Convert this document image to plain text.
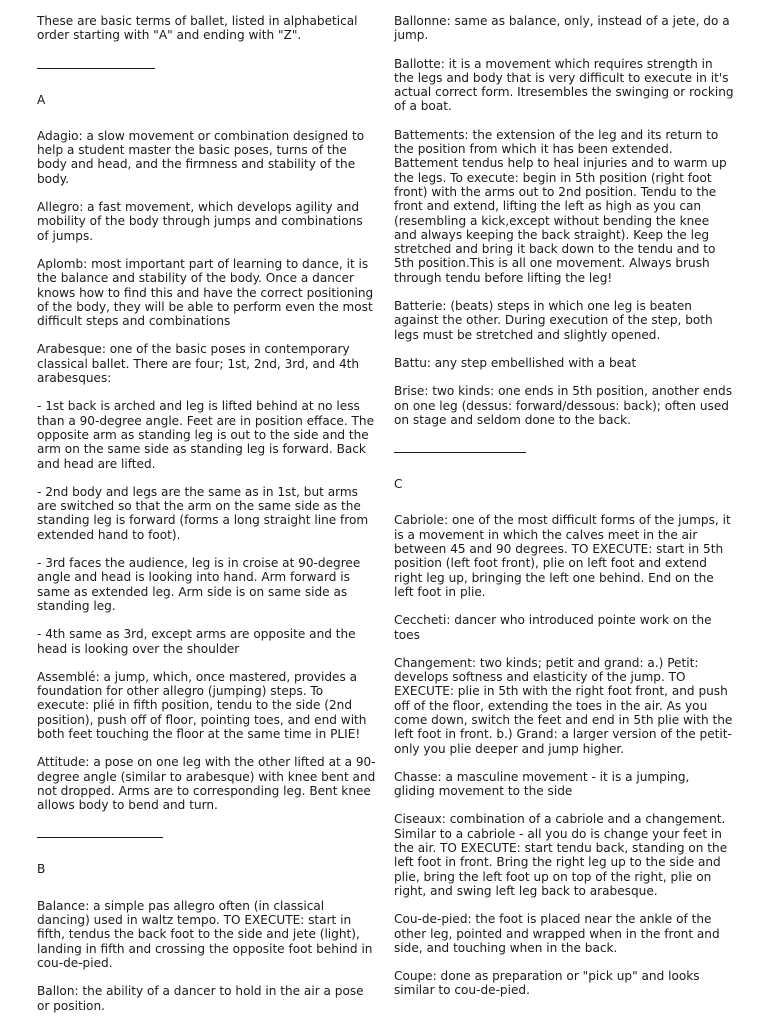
These are basic terms of ballet, listed in alphabetical order starting with "A" and ending with "Z".

A

Adagio: a slow movement or combination designed to help a student master the basic poses, turns of the body and head, and the firmness and stability of the body.

Allegro: a fast movement, which develops agility and mobility of the body through jumps and combinations of jumps.

Aplomb: most important part of learning to dance, it is the balance and stability of the body. Once a dancer knows how to find this and have the correct positioning of the body, they will be able to perform even the most difficult steps and combinations

Arabesque: one of the basic poses in contemporary classical ballet. There are four; 1st, 2nd, 3rd, and 4th arabesques:

- 1st back is arched and leg is lifted behind at no less than a 90-degree angle. Feet are in position efface. The opposite arm as standing leg is out to the side and the arm on the same side as standing leg is forward. Back and head are lifted.

- 2nd body and legs are the same as in 1st, but arms are switched so that the arm on the same side as the standing leg is forward (forms a long straight line from extended hand to foot).

- 3rd faces the audience, leg is in croise at 90-degree angle and head is looking into hand. Arm forward is same as extended leg. Arm side is on same side as standing leg.

- 4th same as 3rd, except arms are opposite and the head is looking over the shoulder

Assemblé: a jump, which, once mastered, provides a foundation for other allegro (jumping) steps. To execute: plié in fifth position, tendu to the side (2nd position), push off of floor, pointing toes, and end with both feet touching the floor at the same time in PLIE!

Attitude: a pose on one leg with the other lifted at a 90-degree angle (similar to arabesque) with knee bent and not dropped. Arms are to corresponding leg. Bent knee allows body to bend and turn.

B

Balance: a simple pas allegro often (in classical dancing) used in waltz tempo. TO EXECUTE: start in fifth, tendus the back foot to the side and jete (light), landing in fifth and crossing the opposite foot behind in cou-de-pied.

Ballon: the ability of a dancer to hold in the air a pose or position.

Ballonne: same as balance, only, instead of a jete, do a jump.

Ballotte: it is a movement which requires strength in the legs and body that is very difficult to execute in it's actual correct form. Itresembles the swinging or rocking of a boat.

Battements: the extension of the leg and its return to the position from which it has been extended. Battement tendus help to heal injuries and to warm up the legs. To execute: begin in 5th position (right foot front) with the arms out to 2nd position. Tendu to the front and extend, lifting the left as high as you can (resembling a kick,except without bending the knee and always keeping the back straight). Keep the leg stretched and bring it back down to the tendu and to 5th position.This is all one movement. Always brush through tendu before lifting the leg!

Batterie: (beats) steps in which one leg is beaten against the other. During execution of the step, both legs must be stretched and slightly opened.

Battu: any step embellished with a beat

Brise: two kinds: one ends in 5th position, another ends on one leg (dessus: forward/dessous: back); often used on stage and seldom done to the back.

C

Cabriole: one of the most difficult forms of the jumps, it is a movement in which the calves meet in the air between 45 and 90 degrees. TO EXECUTE: start in 5th position (left foot front), plie on left foot and extend right leg up, bringing the left one behind. End on the left foot in plie.

Ceccheti: dancer who introduced pointe work on the toes

Changement: two kinds; petit and grand: a.) Petit: develops softness and elasticity of the jump. TO EXECUTE: plie in 5th with the right foot front, and push off of the floor, extending the toes in the air. As you come down, switch the feet and end in 5th plie with the left foot in front. b.) Grand: a larger version of the petit- only you plie deeper and jump higher.

Chasse: a masculine movement - it is a jumping, gliding movement to the side

Ciseaux: combination of a cabriole and a changement. Similar to a cabriole - all you do is change your feet in the air. TO EXECUTE: start tendu back, standing on the left foot in front. Bring the right leg up to the side and plie, bring the left foot up on top of the right, plie on right, and swing left leg back to arabesque.

Cou-de-pied: the foot is placed near the ankle of the other leg, pointed and wrapped when in the front and side, and touching when in the back.

Coupe: done as preparation or "pick up" and looks similar to cou-de-pied.
